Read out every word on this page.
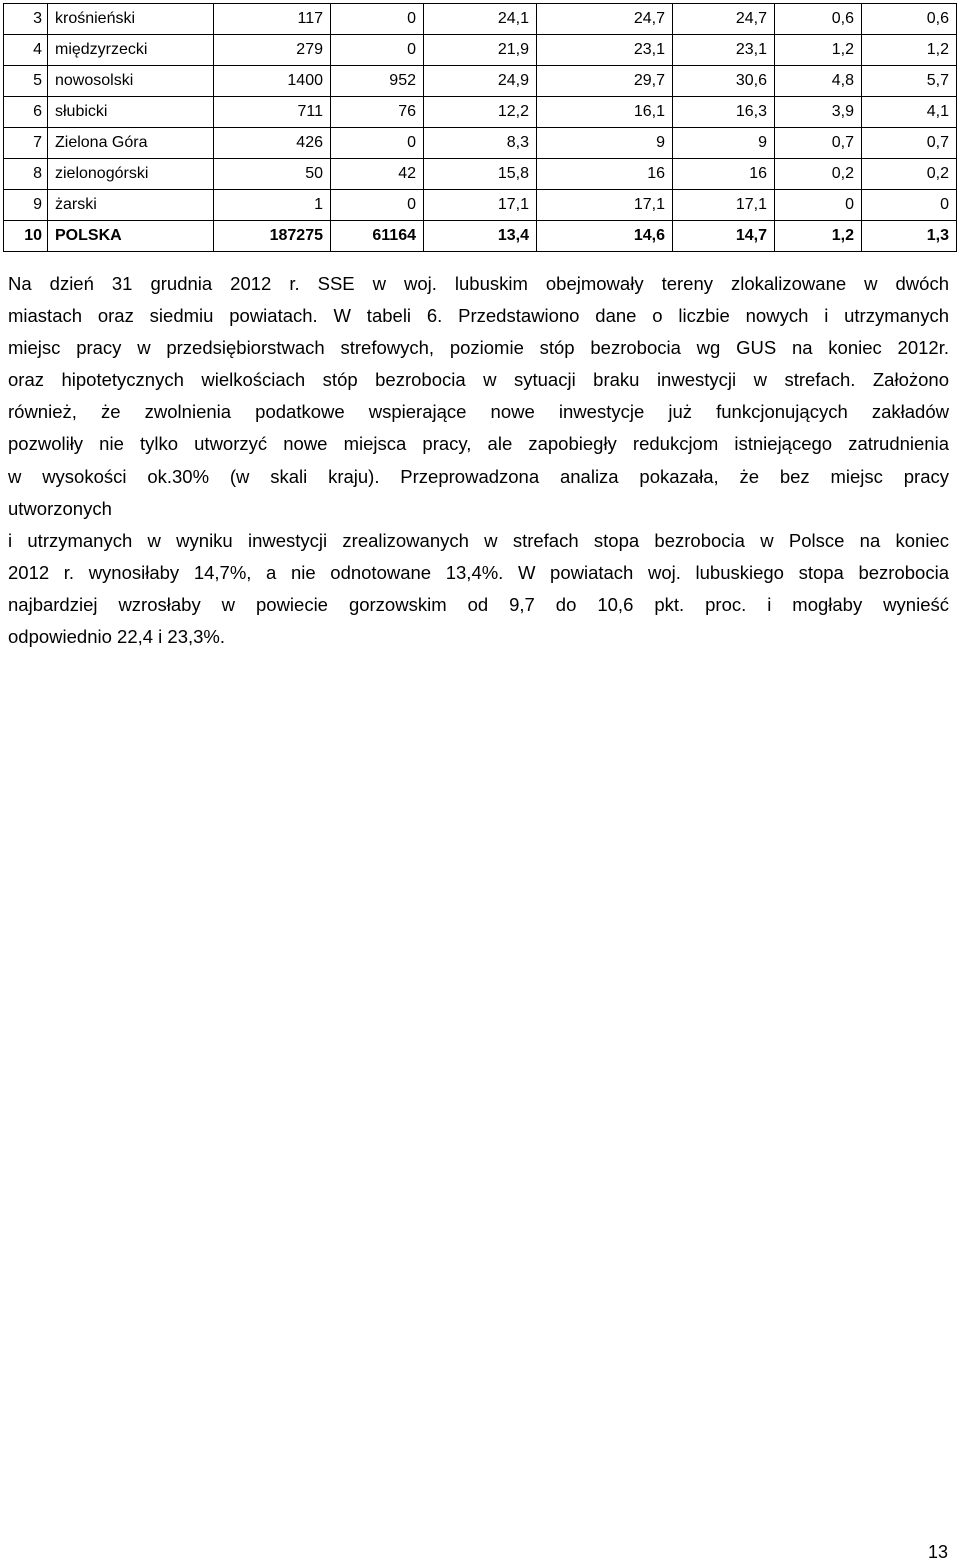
3	krośnieński	117	0	24,1	24,7	24,7	0,6	0,6
4	międzyrzecki	279	0	21,9	23,1	23,1	1,2	1,2
5	nowosolski	1400	952	24,9	29,7	30,6	4,8	5,7
6	słubicki	711	76	12,2	16,1	16,3	3,9	4,1
7	Zielona Góra	426	0	8,3	9	9	0,7	0,7
8	zielonogórski	50	42	15,8	16	16	0,2	0,2
9	żarski	1	0	17,1	17,1	17,1	0	0
10	POLSKA	187275	61164	13,4	14,6	14,7	1,2	1,3

Na dzień 31 grudnia 2012 r. SSE w woj. lubuskim obejmowały tereny zlokalizowane w dwóch

miastach oraz siedmiu powiatach. W tabeli 6. Przedstawiono dane o liczbie nowych i utrzymanych

miejsc pracy w przedsiębiorstwach strefowych, poziomie stóp bezrobocia wg GUS na koniec 2012r.

oraz hipotetycznych wielkościach stóp bezrobocia w sytuacji braku inwestycji w strefach. Założono

również, że zwolnienia podatkowe wspierające nowe inwestycje już funkcjonujących zakładów

pozwoliły nie tylko utworzyć nowe miejsca pracy, ale zapobiegły redukcjom istniejącego zatrudnienia

w wysokości ok.30% (w skali kraju). Przeprowadzona analiza pokazała, że bez miejsc pracy

utworzonych

i utrzymanych w wyniku inwestycji zrealizowanych w strefach stopa bezrobocia w Polsce na koniec

2012 r. wynosiłaby 14,7%, a nie odnotowane 13,4%. W powiatach woj. lubuskiego stopa bezrobocia

najbardziej wzrosłaby w powiecie gorzowskim od 9,7 do 10,6 pkt. proc. i mogłaby wynieść

odpowiednio 22,4 i 23,3%.

13
